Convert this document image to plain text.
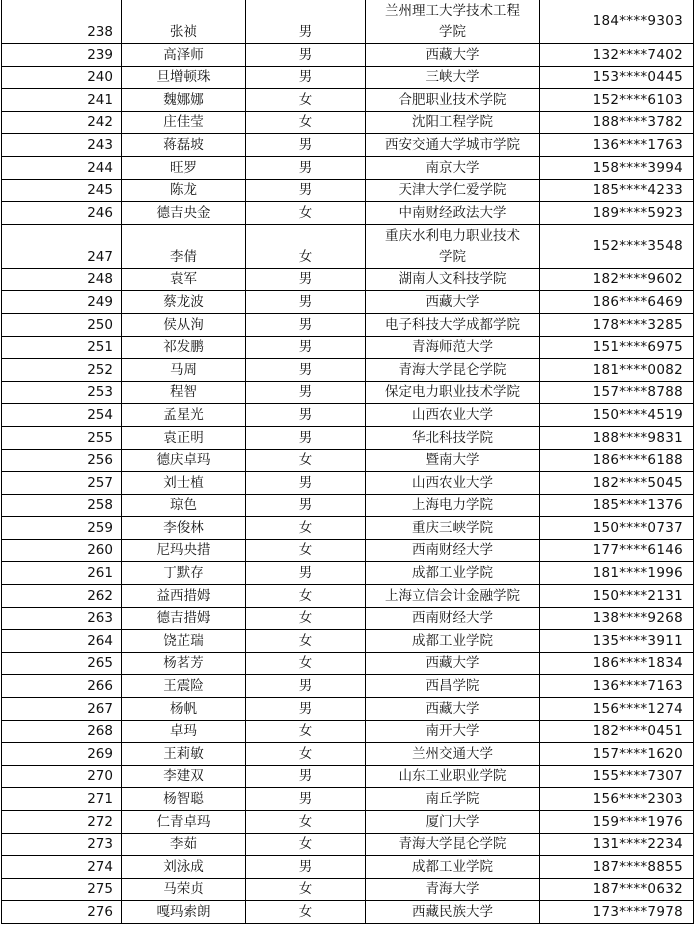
238	张祯	男	兰州理工大学技术工程学院	184****9303
239	高泽师	男	西藏大学	132****7402
240	旦增顿珠	男	三峡大学	153****0445
241	魏娜娜	女	合肥职业技术学院	152****6103
242	庄佳莹	女	沈阳工程学院	188****3782
243	蒋磊坡	男	西安交通大学城市学院	136****1763
244	旺罗	男	南京大学	158****3994
245	陈龙	男	天津大学仁爱学院	185****4233
246	德吉央金	女	中南财经政法大学	189****5923
247	李倩	女	重庆水利电力职业技术学院	152****3548
248	袁军	男	湖南人文科技学院	182****9602
249	蔡龙波	男	西藏大学	186****6469
250	侯从洵	男	电子科技大学成都学院	178****3285
251	祁发鹏	男	青海师范大学	151****6975
252	马周	男	青海大学昆仑学院	181****0082
253	程智	男	保定电力职业技术学院	157****8788
254	孟星光	男	山西农业大学	150****4519
255	袁正明	男	华北科技学院	188****9831
256	德庆卓玛	女	暨南大学	186****6188
257	刘士植	男	山西农业大学	182****5045
258	琼色	男	上海电力学院	185****1376
259	李俊林	女	重庆三峡学院	150****0737
260	尼玛央措	女	西南财经大学	177****6146
261	丁默存	男	成都工业学院	181****1996
262	益西措姆	女	上海立信会计金融学院	150****2131
263	德吉措姆	女	西南财经大学	138****9268
264	饶芷瑞	女	成都工业学院	135****3911
265	杨茗芳	女	西藏大学	186****1834
266	王震险	男	西昌学院	136****7163
267	杨帆	男	西藏大学	156****1274
268	卓玛	女	南开大学	182****0451
269	王莉敏	女	兰州交通大学	157****1620
270	李建双	男	山东工业职业学院	155****7307
271	杨智聪	男	南丘学院	156****2303
272	仁青卓玛	女	厦门大学	159****1976
273	李茹	女	青海大学昆仑学院	131****2234
274	刘泳成	男	成都工业学院	187****8855
275	马荣贞	女	青海大学	187****0632
276	嘎玛索朗	女	西藏民族大学	173****7978
